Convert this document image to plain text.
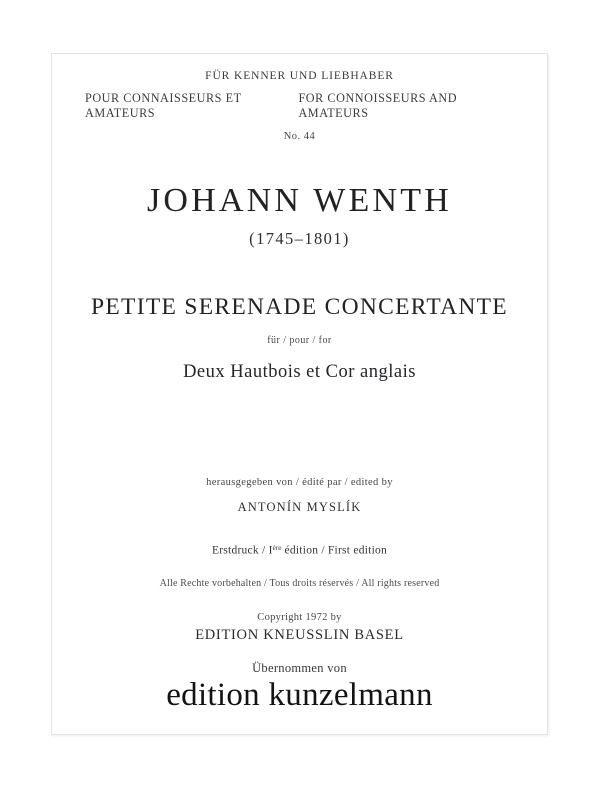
FÜR KENNER UND LIEBHABER
POUR CONNAISSEURS ET AMATEURS
FOR CONNOISSEURS AND AMATEURS
No. 44
JOHANN WENTH
(1745–1801)
PETITE SERENADE CONCERTANTE
für / pour / for
Deux Hautbois et Cor anglais
herausgegeben von / édité par / edited by
ANTONÍN MYSLÍK
Erstdruck / Ière édition / First edition
Alle Rechte vorbehalten / Tous droits réservés / All rights reserved
Copyright 1972 by
EDITION KNEUSSLIN BASEL
Übernommen von
edition kunzelmann
